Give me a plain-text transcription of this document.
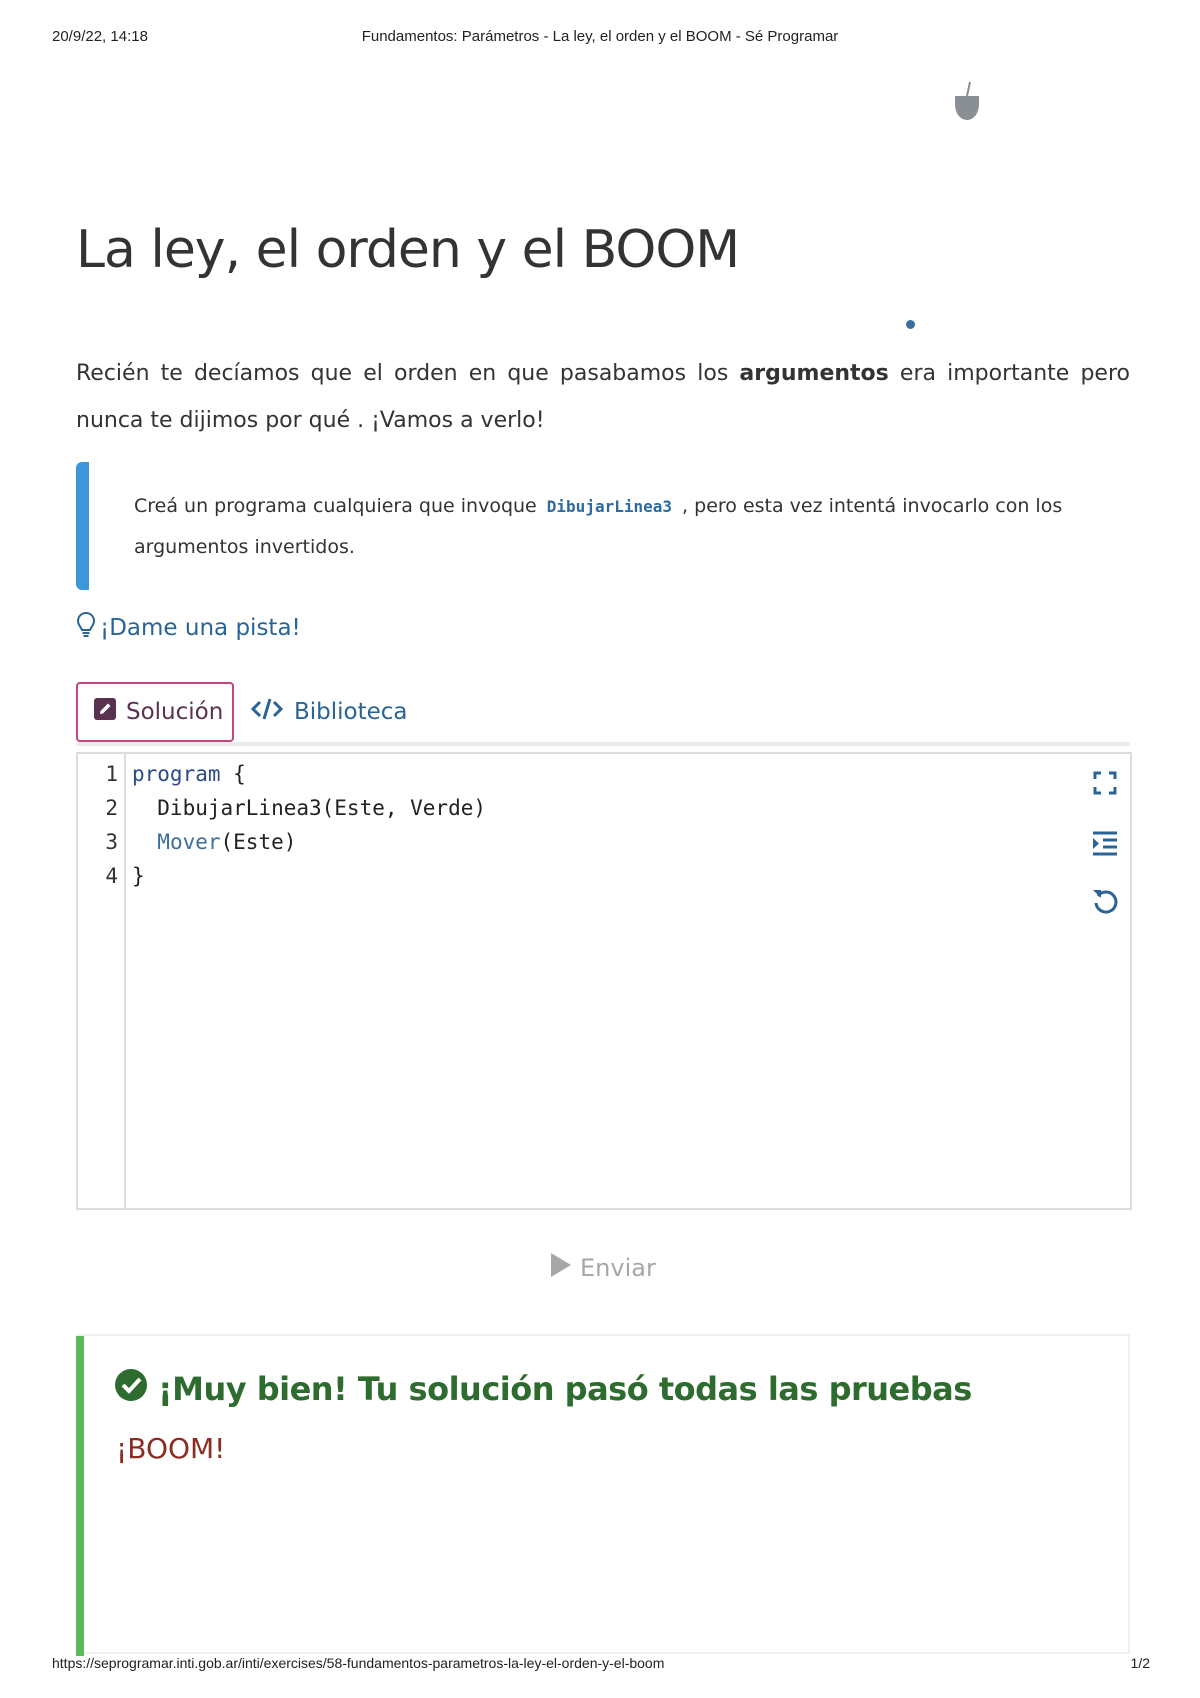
20/9/22, 14:18	Fundamentos: Parámetros - La ley, el orden y el BOOM - Sé Programar
La ley, el orden y el BOOM
Recién te decíamos que el orden en que pasabamos los argumentos era importante pero nunca te dijimos por qué . ¡Vamos a verlo!
Creá un programa cualquiera que invoque DibujarLinea3 , pero esta vez intentá invocarlo con los argumentos invertidos.
¡Dame una pista!
Solución	Biblioteca
1
2
3
4
program {
DibujarLinea3(Este, Verde)
Mover(Este)
}
Enviar
¡Muy bien! Tu solución pasó todas las pruebas
¡BOOM!
https://seprogramar.inti.gob.ar/inti/exercises/58-fundamentos-parametros-la-ley-el-orden-y-el-boom	1/2
